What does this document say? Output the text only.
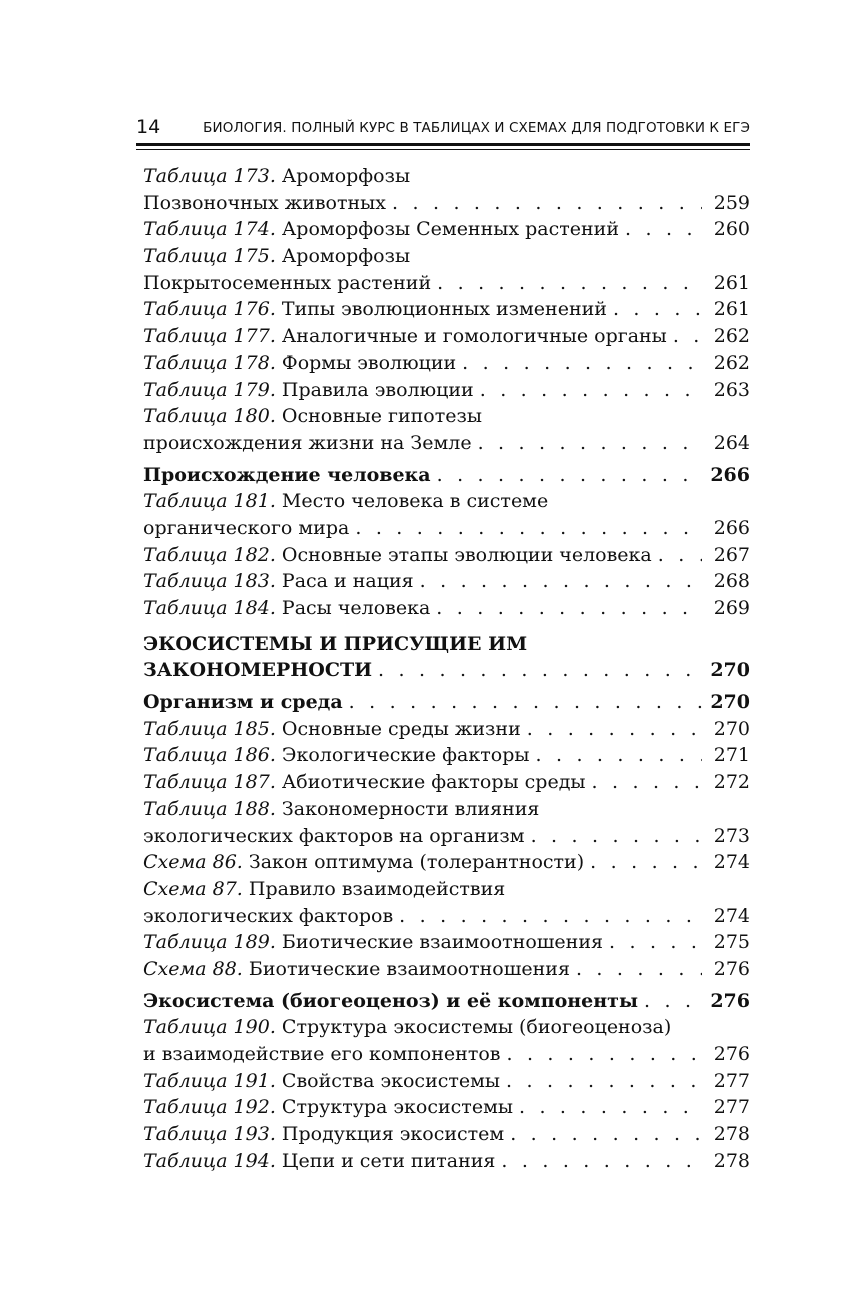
14	БИОЛОГИЯ. ПОЛНЫЙ КУРС В ТАБЛИЦАХ И СХЕМАХ ДЛЯ ПОДГОТОВКИ К ЕГЭ
Таблица 173. Ароморфозы
Позвоночных животных . . .	259
Таблица 174. Ароморфозы Семенных растений . . .	260
Таблица 175. Ароморфозы
Покрытосеменных растений . . .	261
Таблица 176. Типы эволюционных изменений . . .	261
Таблица 177. Аналогичные и гомологичные органы . . . 262
Таблица 178. Формы эволюции . . .	262
Таблица 179. Правила эволюции . . .	263
Таблица 180. Основные гипотезы
происхождения жизни на Земле . . .	264
Происхождение человека . . .	266
Таблица 181. Место человека в системе
органического мира . . .	266
Таблица 182. Основные этапы эволюции человека . . .	267
Таблица 183. Раса и нация . . .	268
Таблица 184. Расы человека . . .	269
ЭКОСИСТЕМЫ И ПРИСУЩИЕ ИМ
ЗАКОНОМЕРНОСТИ . . .	270
Организм и среда . . .	270
Таблица 185. Основные среды жизни . . .	270
Таблица 186. Экологические факторы . . .	271
Таблица 187. Абиотические факторы среды . . .	272
Таблица 188. Закономерности влияния
экологических факторов на организм . . .	273
Схема 86. Закон оптимума (толерантности) . . .	274
Схема 87. Правило взаимодействия
экологических факторов . . .	274
Таблица 189. Биотические взаимоотношения . . .	275
Схема 88. Биотические взаимоотношения . . .	276
Экосистема (биогеоценоз) и её компоненты . . .	276
Таблица 190. Структура экосистемы (биогеоценоза)
и взаимодействие его компонентов . . .	276
Таблица 191. Свойства экосистемы . . .	277
Таблица 192. Структура экосистемы . . .	277
Таблица 193. Продукция экосистем . . .	278
Таблица 194. Цепи и сети питания . . .	278
